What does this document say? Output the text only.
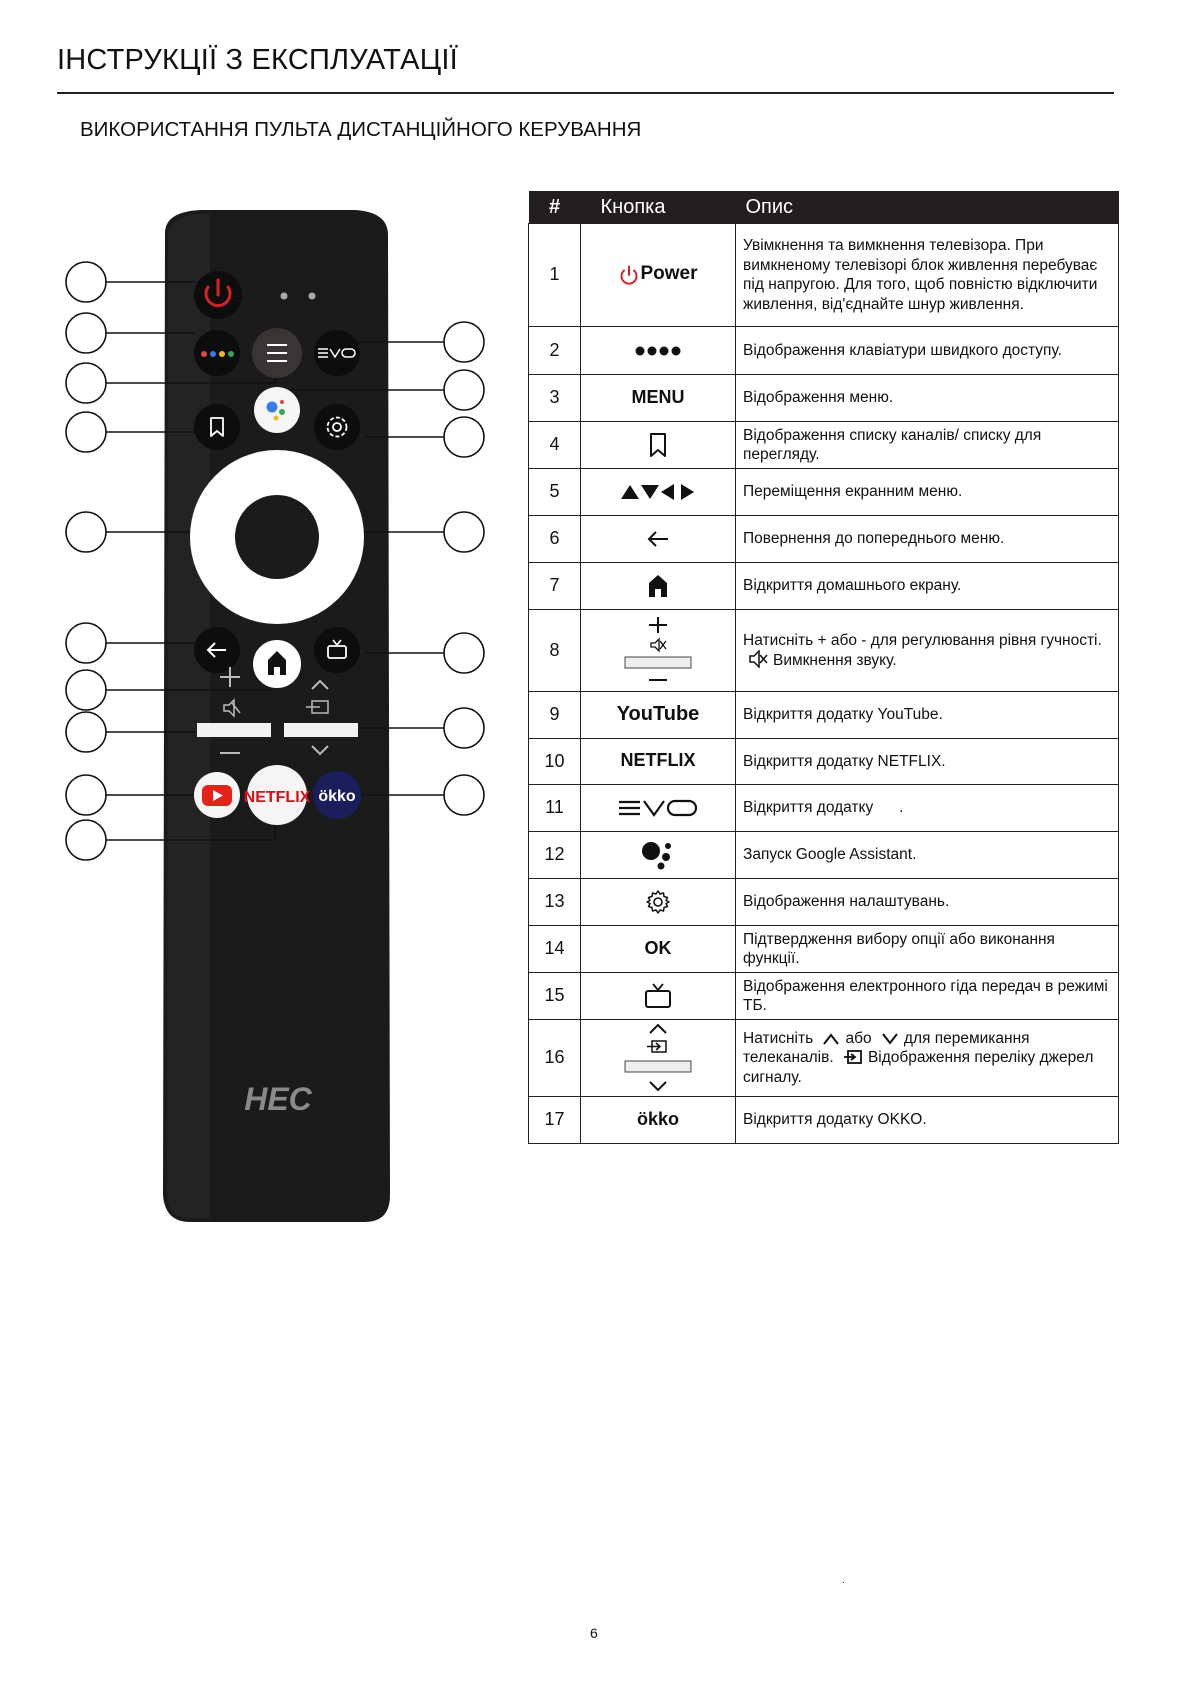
ІНСТРУКЦІЇ З ЕКСПЛУАТАЦІЇ
ВИКОРИСТАННЯ ПУЛЬТА ДИСТАНЦІЙНОГО КЕРУВАННЯ
NETFLIX ökko
HEC
#	Кнопка	Опис
1	Power	Увімкнення та вимкнення телевізора. При вимкненому телевізорі блок живлення перебуває під напругою. Для того, щоб повністю відключити живлення, від'єднайте шнур живлення.
2		Відображення клавіатури швидкого доступу.
3	MENU	Відображення меню.
4		Відображення списку каналів/ списку для перегляду.
5		Переміщення екранним меню.
6		Повернення до попереднього меню.
7		Відкриття домашнього екрану.
8		Натисніть + або - для регулювання рівня гучності. Вимкнення звуку.
9	YouTube	Відкриття додатку YouTube.
10	NETFLIX	Відкриття додатку NETFLIX.
11		Відкриття додатку      .
12		Запуск Google Assistant.
13		Відображення налаштувань.
14	OK	Підтвердження вибору опції або виконання функції.
15		Відображення електронного гіда передач в режимі ТБ.
16		Натисніть або для перемикання телеканалів. Відображення переліку джерел сигналу.
17	ökko	Відкриття додатку OKKO.
.
6
